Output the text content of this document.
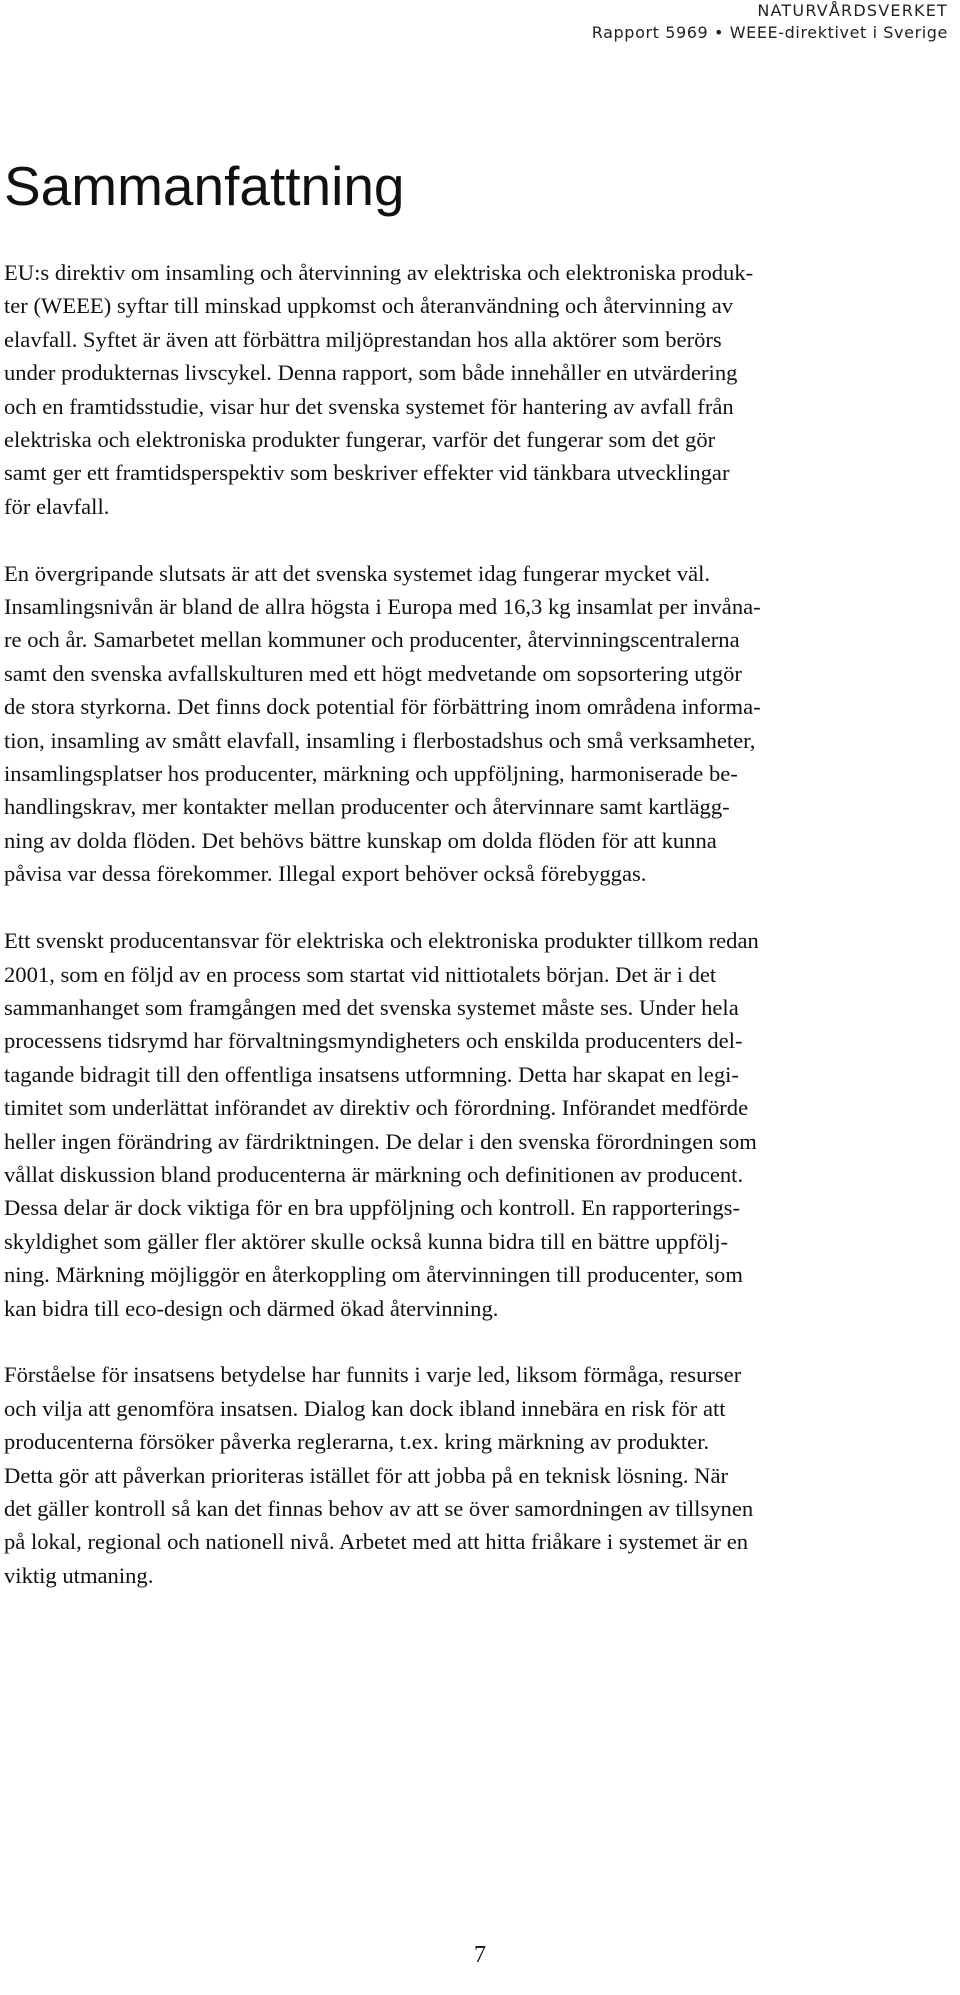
NATURVÅRDSVERKET
Rapport 5969 • WEEE-direktivet i Sverige
Sammanfattning

EU:s direktiv om insamling och återvinning av elektriska och elektroniska produk-
ter (WEEE) syftar till minskad uppkomst och återanvändning och återvinning av
elavfall. Syftet är även att förbättra miljöprestandan hos alla aktörer som berörs
under produkternas livscykel. Denna rapport, som både innehåller en utvärdering
och en framtidsstudie, visar hur det svenska systemet för hantering av avfall från
elektriska och elektroniska produkter fungerar, varför det fungerar som det gör
samt ger ett framtidsperspektiv som beskriver effekter vid tänkbara utvecklingar
för elavfall.

En övergripande slutsats är att det svenska systemet idag fungerar mycket väl.
Insamlingsnivån är bland de allra högsta i Europa med 16,3 kg insamlat per invåna-
re och år. Samarbetet mellan kommuner och producenter, återvinningscentralerna
samt den svenska avfallskulturen med ett högt medvetande om sopsortering utgör
de stora styrkorna. Det finns dock potential för förbättring inom områdena informa-
tion, insamling av smått elavfall, insamling i flerbostadshus och små verksamheter,
insamlingsplatser hos producenter, märkning och uppföljning, harmoniserade be-
handlingskrav, mer kontakter mellan producenter och återvinnare samt kartlägg-
ning av dolda flöden. Det behövs bättre kunskap om dolda flöden för att kunna
påvisa var dessa förekommer. Illegal export behöver också förebyggas.

Ett svenskt producentansvar för elektriska och elektroniska produkter tillkom redan
2001, som en följd av en process som startat vid nittiotalets början. Det är i det
sammanhanget som framgången med det svenska systemet måste ses. Under hela
processens tidsrymd har förvaltningsmyndigheters och enskilda producenters del-
tagande bidragit till den offentliga insatsens utformning. Detta har skapat en legi-
timitet som underlättat införandet av direktiv och förordning. Införandet medförde
heller ingen förändring av färdriktningen. De delar i den svenska förordningen som
vållat diskussion bland producenterna är märkning och definitionen av producent.
Dessa delar är dock viktiga för en bra uppföljning och kontroll. En rapporterings-
skyldighet som gäller fler aktörer skulle också kunna bidra till en bättre uppfölj-
ning. Märkning möjliggör en återkoppling om återvinningen till producenter, som
kan bidra till eco-design och därmed ökad återvinning.

Förståelse för insatsens betydelse har funnits i varje led, liksom förmåga, resurser
och vilja att genomföra insatsen. Dialog kan dock ibland innebära en risk för att
producenterna försöker påverka reglerarna, t.ex. kring märkning av produkter.
Detta gör att påverkan prioriteras istället för att jobba på en teknisk lösning. När
det gäller kontroll så kan det finnas behov av att se över samordningen av tillsynen
på lokal, regional och nationell nivå. Arbetet med att hitta friåkare i systemet är en
viktig utmaning.

7
